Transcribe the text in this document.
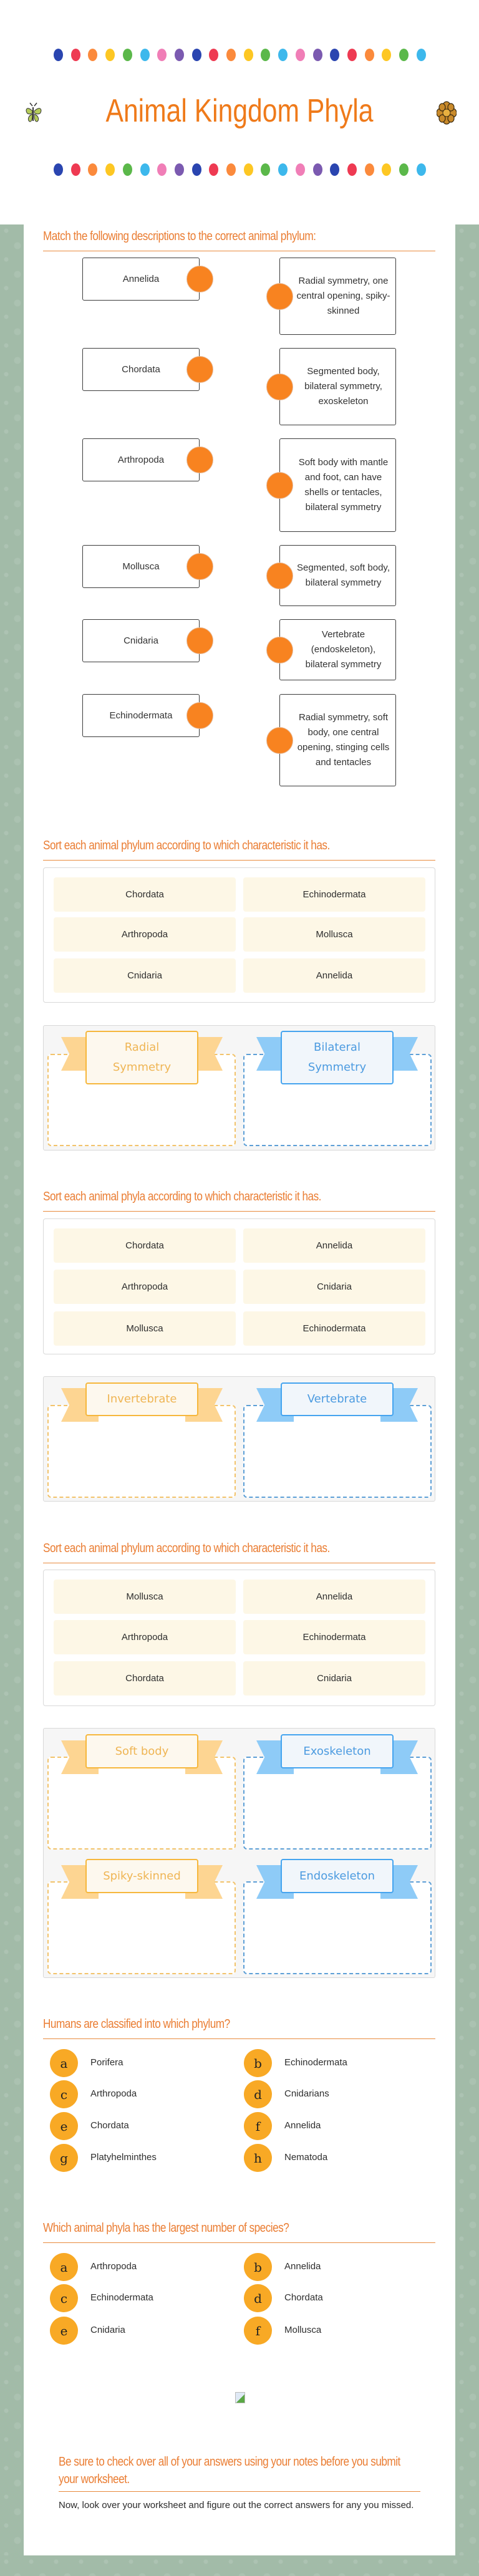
Animal Kingdom Phyla
Match the following descriptions to the correct animal phylum:
Annelida
Chordata
Arthropoda
Mollusca
Cnidaria
Echinodermata
Radial symmetry, one central opening, spiky-skinned
Segmented body, bilateral symmetry, exoskeleton
Soft body with mantle and foot, can have shells or tentacles, bilateral symmetry
Segmented, soft body, bilateral symmetry
Vertebrate (endoskeleton), bilateral symmetry
Radial symmetry, soft body, one central opening, stinging cells and tentacles
Sort each animal phylum according to which characteristic it has.
Chordata	Echinodermata
Arthropoda	Mollusca
Cnidaria	Annelida
Radial Symmetry
Bilateral Symmetry
Sort each animal phyla according to which characteristic it has.
Chordata	Annelida
Arthropoda	Cnidaria
Mollusca	Echinodermata
Invertebrate	Vertebrate
Sort each animal phylum according to which characteristic it has.
Mollusca	Annelida
Arthropoda	Echinodermata
Chordata	Cnidaria
Soft body	Exoskeleton
Spiky-skinned	Endoskeleton
Humans are classified into which phylum?
a	Porifera	b	Echinodermata
c	Arthropoda	d	Cnidarians
e	Chordata	f	Annelida
g	Platyhelminthes	h	Nematoda
Which animal phyla has the largest number of species?
a	Arthropoda	b	Annelida
c	Echinodermata	d	Chordata
e	Cnidaria	f	Mollusca
Be sure to check over all of your answers using your notes before you submit your worksheet.
Now, look over your worksheet and figure out the correct answers for any you missed.
